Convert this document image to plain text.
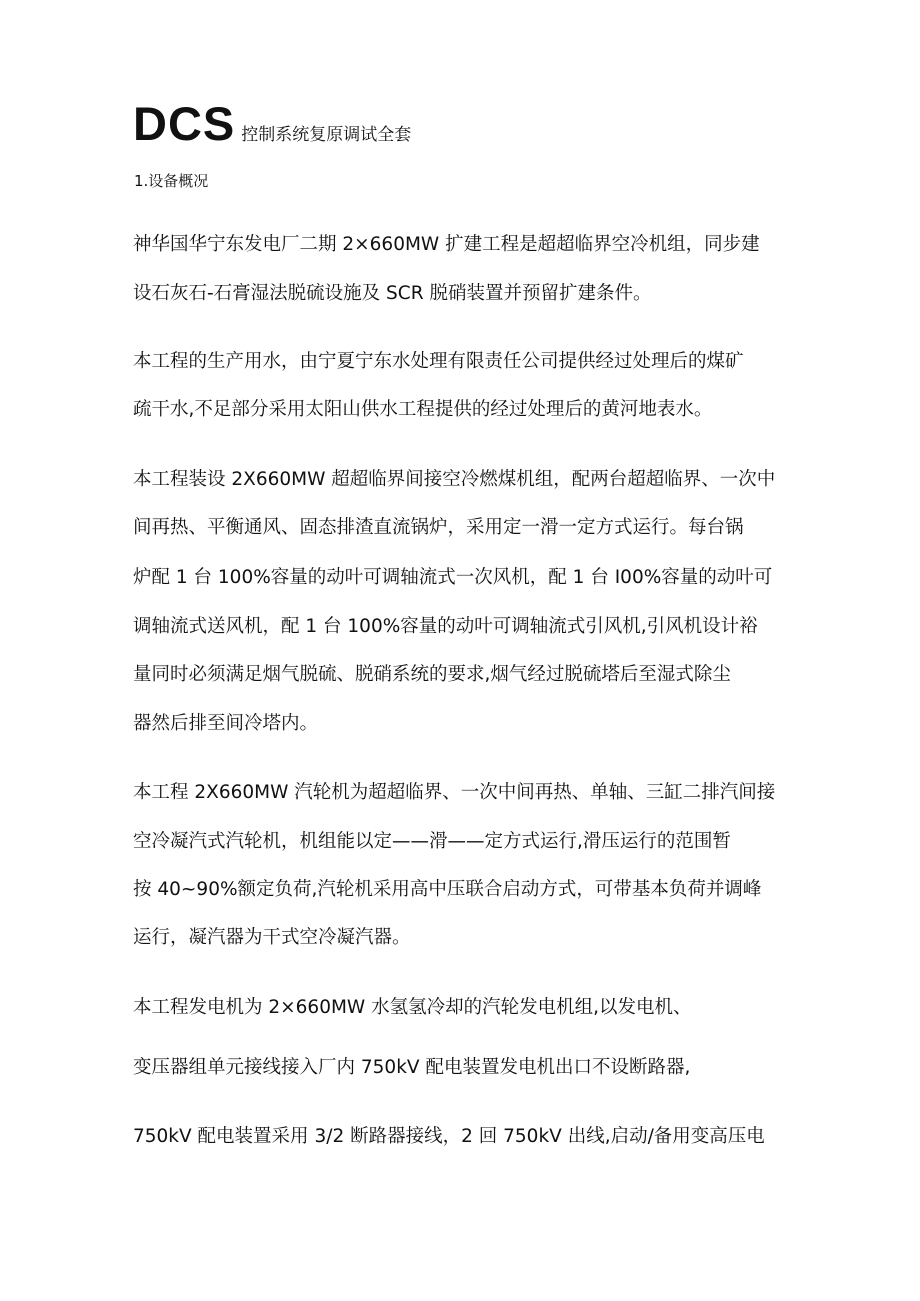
DCS 控制系统复原调试全套
1.设备概况
神华国华宁东发电厂二期 2×660MW 扩建工程是超超临界空冷机组，同步建
设石灰石-石膏湿法脱硫设施及 SCR 脱硝装置并预留扩建条件。
本工程的生产用水，由宁夏宁东水处理有限责任公司提供经过处理后的煤矿
疏干水,不足部分采用太阳山供水工程提供的经过处理后的黄河地表水。
本工程装设 2X660MW 超超临界间接空冷燃煤机组，配两台超超临界、一次中
间再热、平衡通风、固态排渣直流锅炉，采用定一滑一定方式运行。每台锅
炉配 1 台 100%容量的动叶可调轴流式一次风机，配 1 台 I00%容量的动叶可
调轴流式送风机，配 1 台 100%容量的动叶可调轴流式引风机,引风机设计裕
量同时必须满足烟气脱硫、脱硝系统的要求,烟气经过脱硫塔后至湿式除尘
器然后排至间冷塔内。
本工程 2X660MW 汽轮机为超超临界、一次中间再热、单轴、三缸二排汽间接
空冷凝汽式汽轮机，机组能以定——滑——定方式运行,滑压运行的范围暂
按 40~90%额定负荷,汽轮机采用高中压联合启动方式，可带基本负荷并调峰
运行，凝汽器为干式空冷凝汽器。
本工程发电机为 2×660MW 水氢氢冷却的汽轮发电机组,以发电机、
变压器组单元接线接入厂内 750kV 配电装置发电机出口不设断路器,
750kV 配电装置采用 3/2 断路器接线，2 回 750kV 出线,启动/备用变高压电
